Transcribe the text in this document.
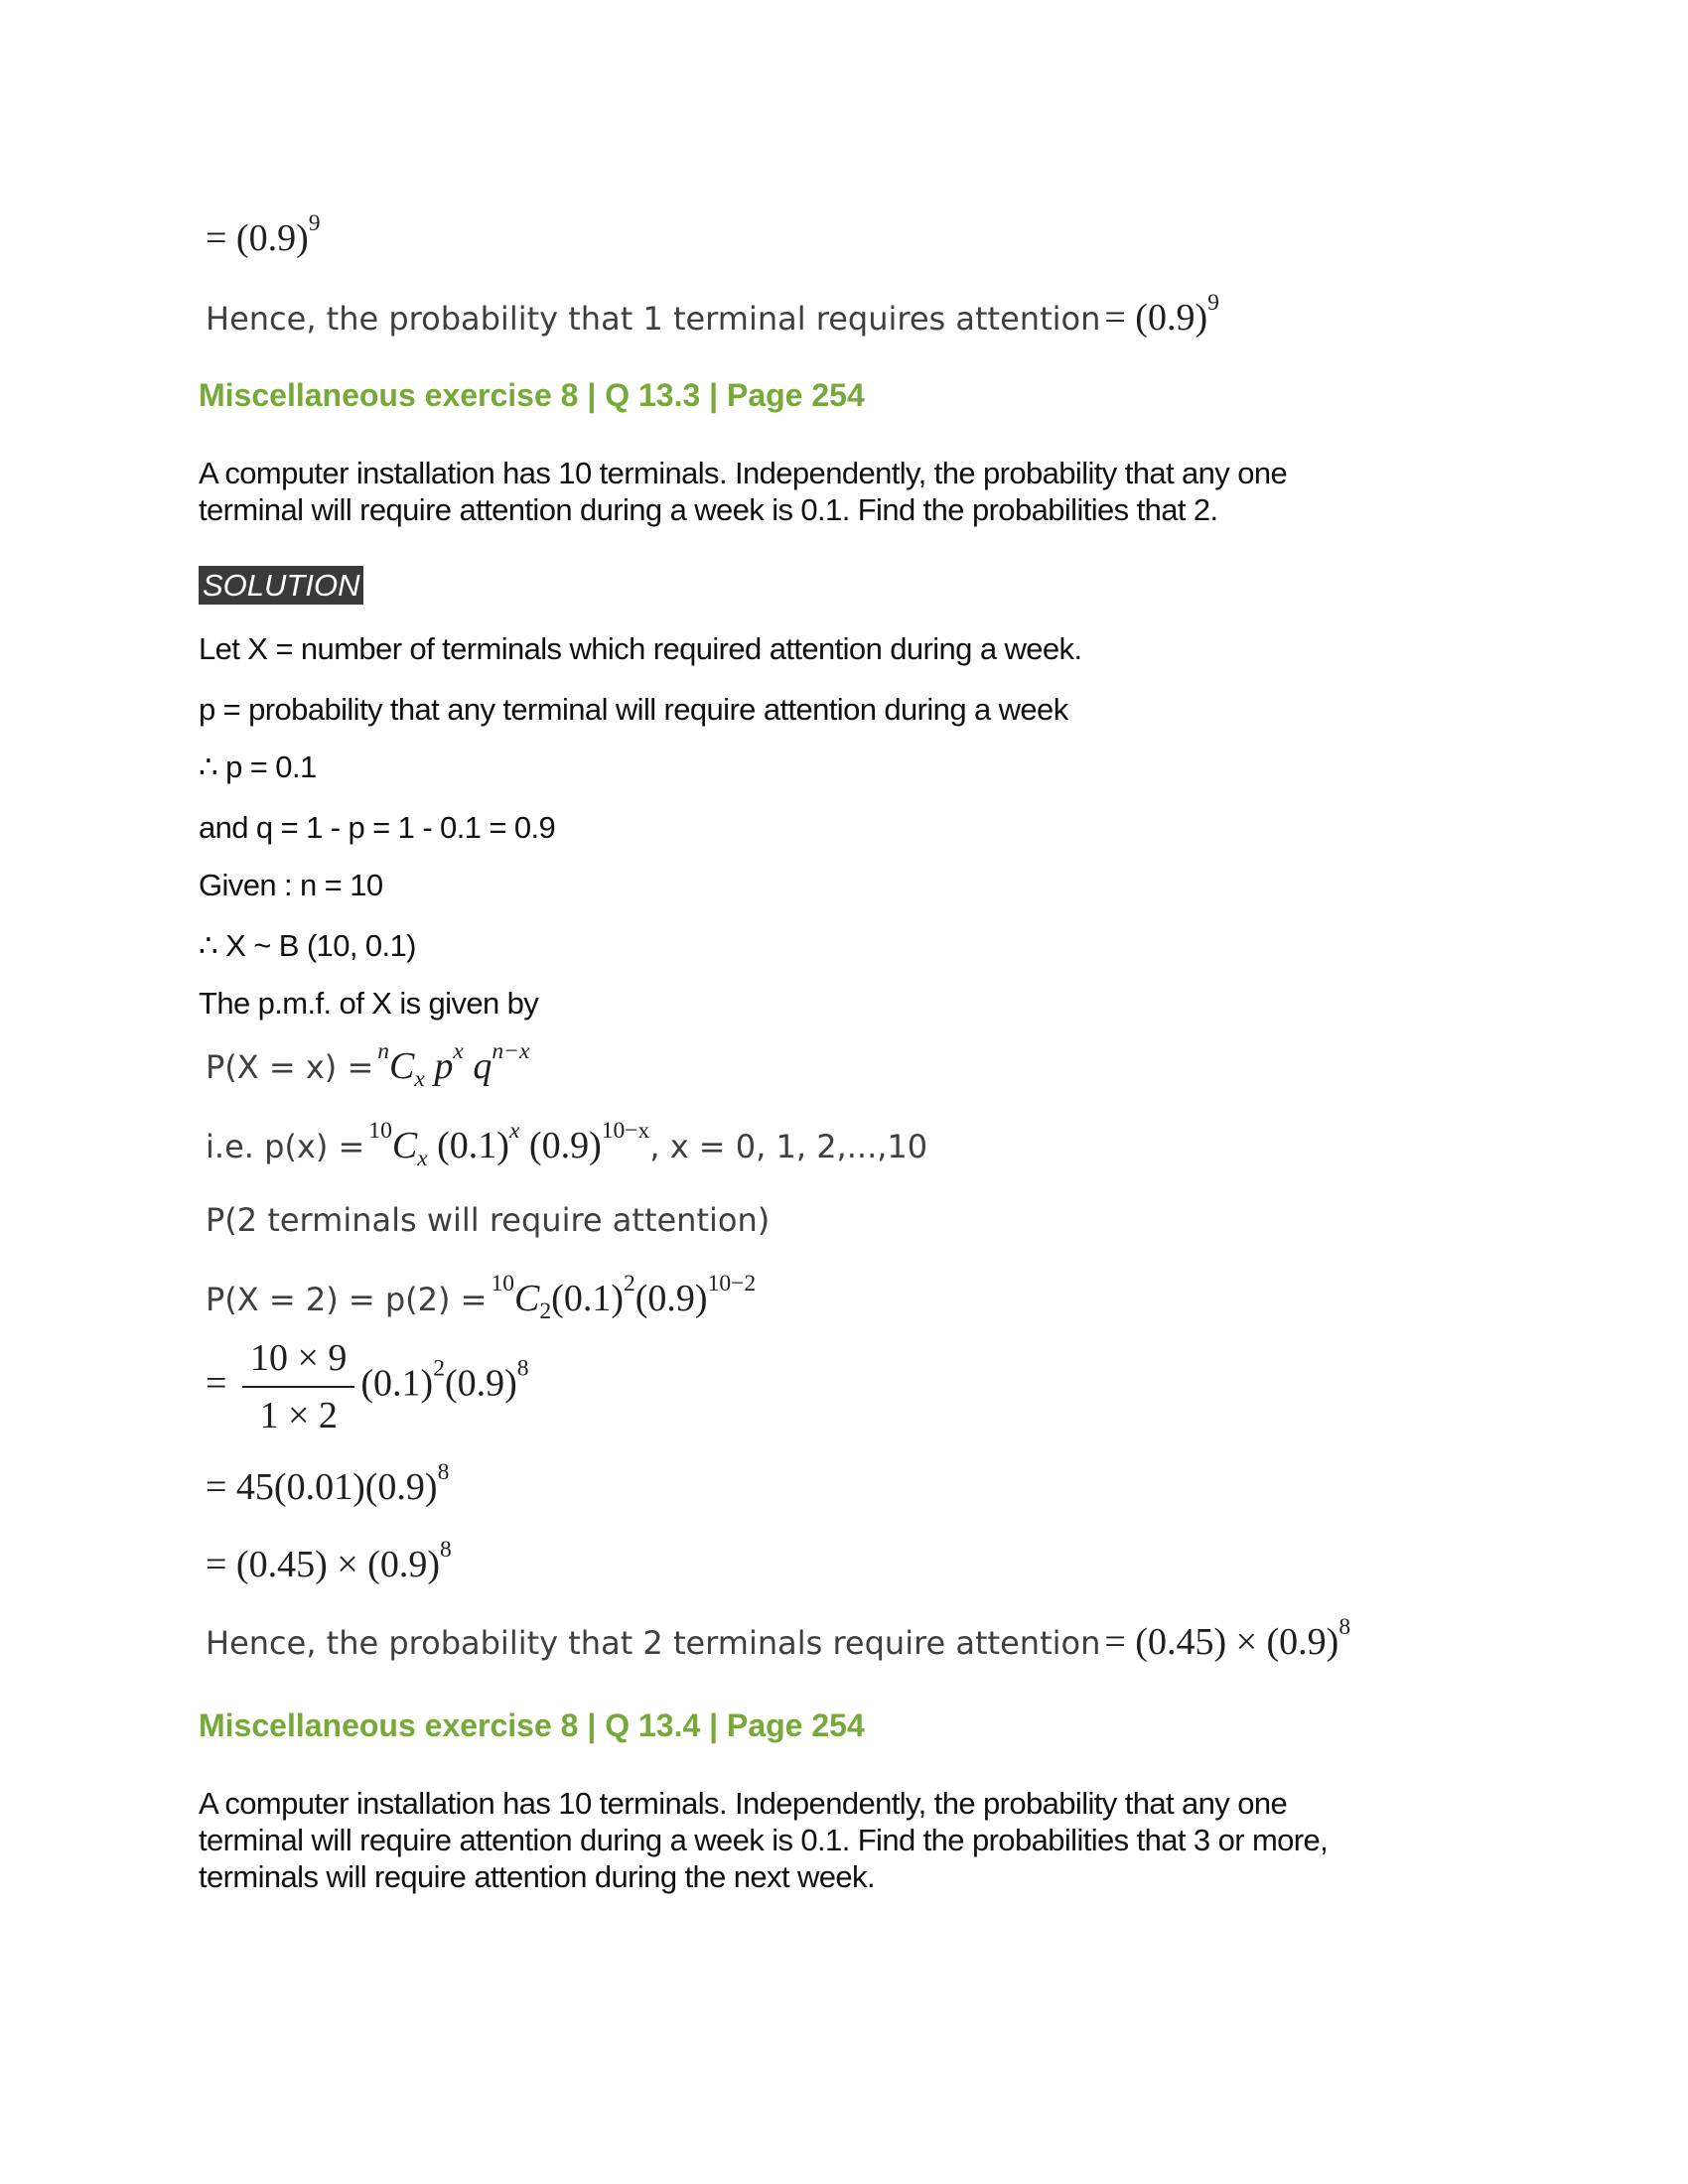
= $(0.9)^9$
Hence, the probability that 1 terminal requires attention = $(0.9)^9$
Miscellaneous exercise 8 | Q 13.3 | Page 254
A computer installation has 10 terminals. Independently, the probability that any one
terminal will require attention during a week is 0.1. Find the probabilities that 2.
SOLUTION
Let X = number of terminals which required attention during a week.
p = probability that any terminal will require attention during a week
∴ p = 0.1
and q = 1 - p = 1 - 0.1 = 0.9
Given : n = 10
∴ X ~ B (10, 0.1)
The p.m.f. of X is given by
$P(X = x) = ^nC_x$ $p^x$ $q^{n-x}$
i.e. $p(x) = ^{10}C_x$ $(0.1)^x$ $(0.9)^{10-x}$, x = 0, 1, 2,...,10
P(2 terminals will require attention)
$P(X = 2) = p(2) = ^{10}C_2(0.1)^2(0.9)^{10-2}$
= $\frac{10 \times 9}{1 \times 2} (0.1)^2(0.9)^8$
= $45(0.01)(0.9)^8$
= $(0.45) \times (0.9)^8$
Hence, the probability that 2 terminals require attention = $(0.45) \times (0.9)^8$
Miscellaneous exercise 8 | Q 13.4 | Page 254
A computer installation has 10 terminals. Independently, the probability that any one
terminal will require attention during a week is 0.1. Find the probabilities that 3 or more,
terminals will require attention during the next week.
